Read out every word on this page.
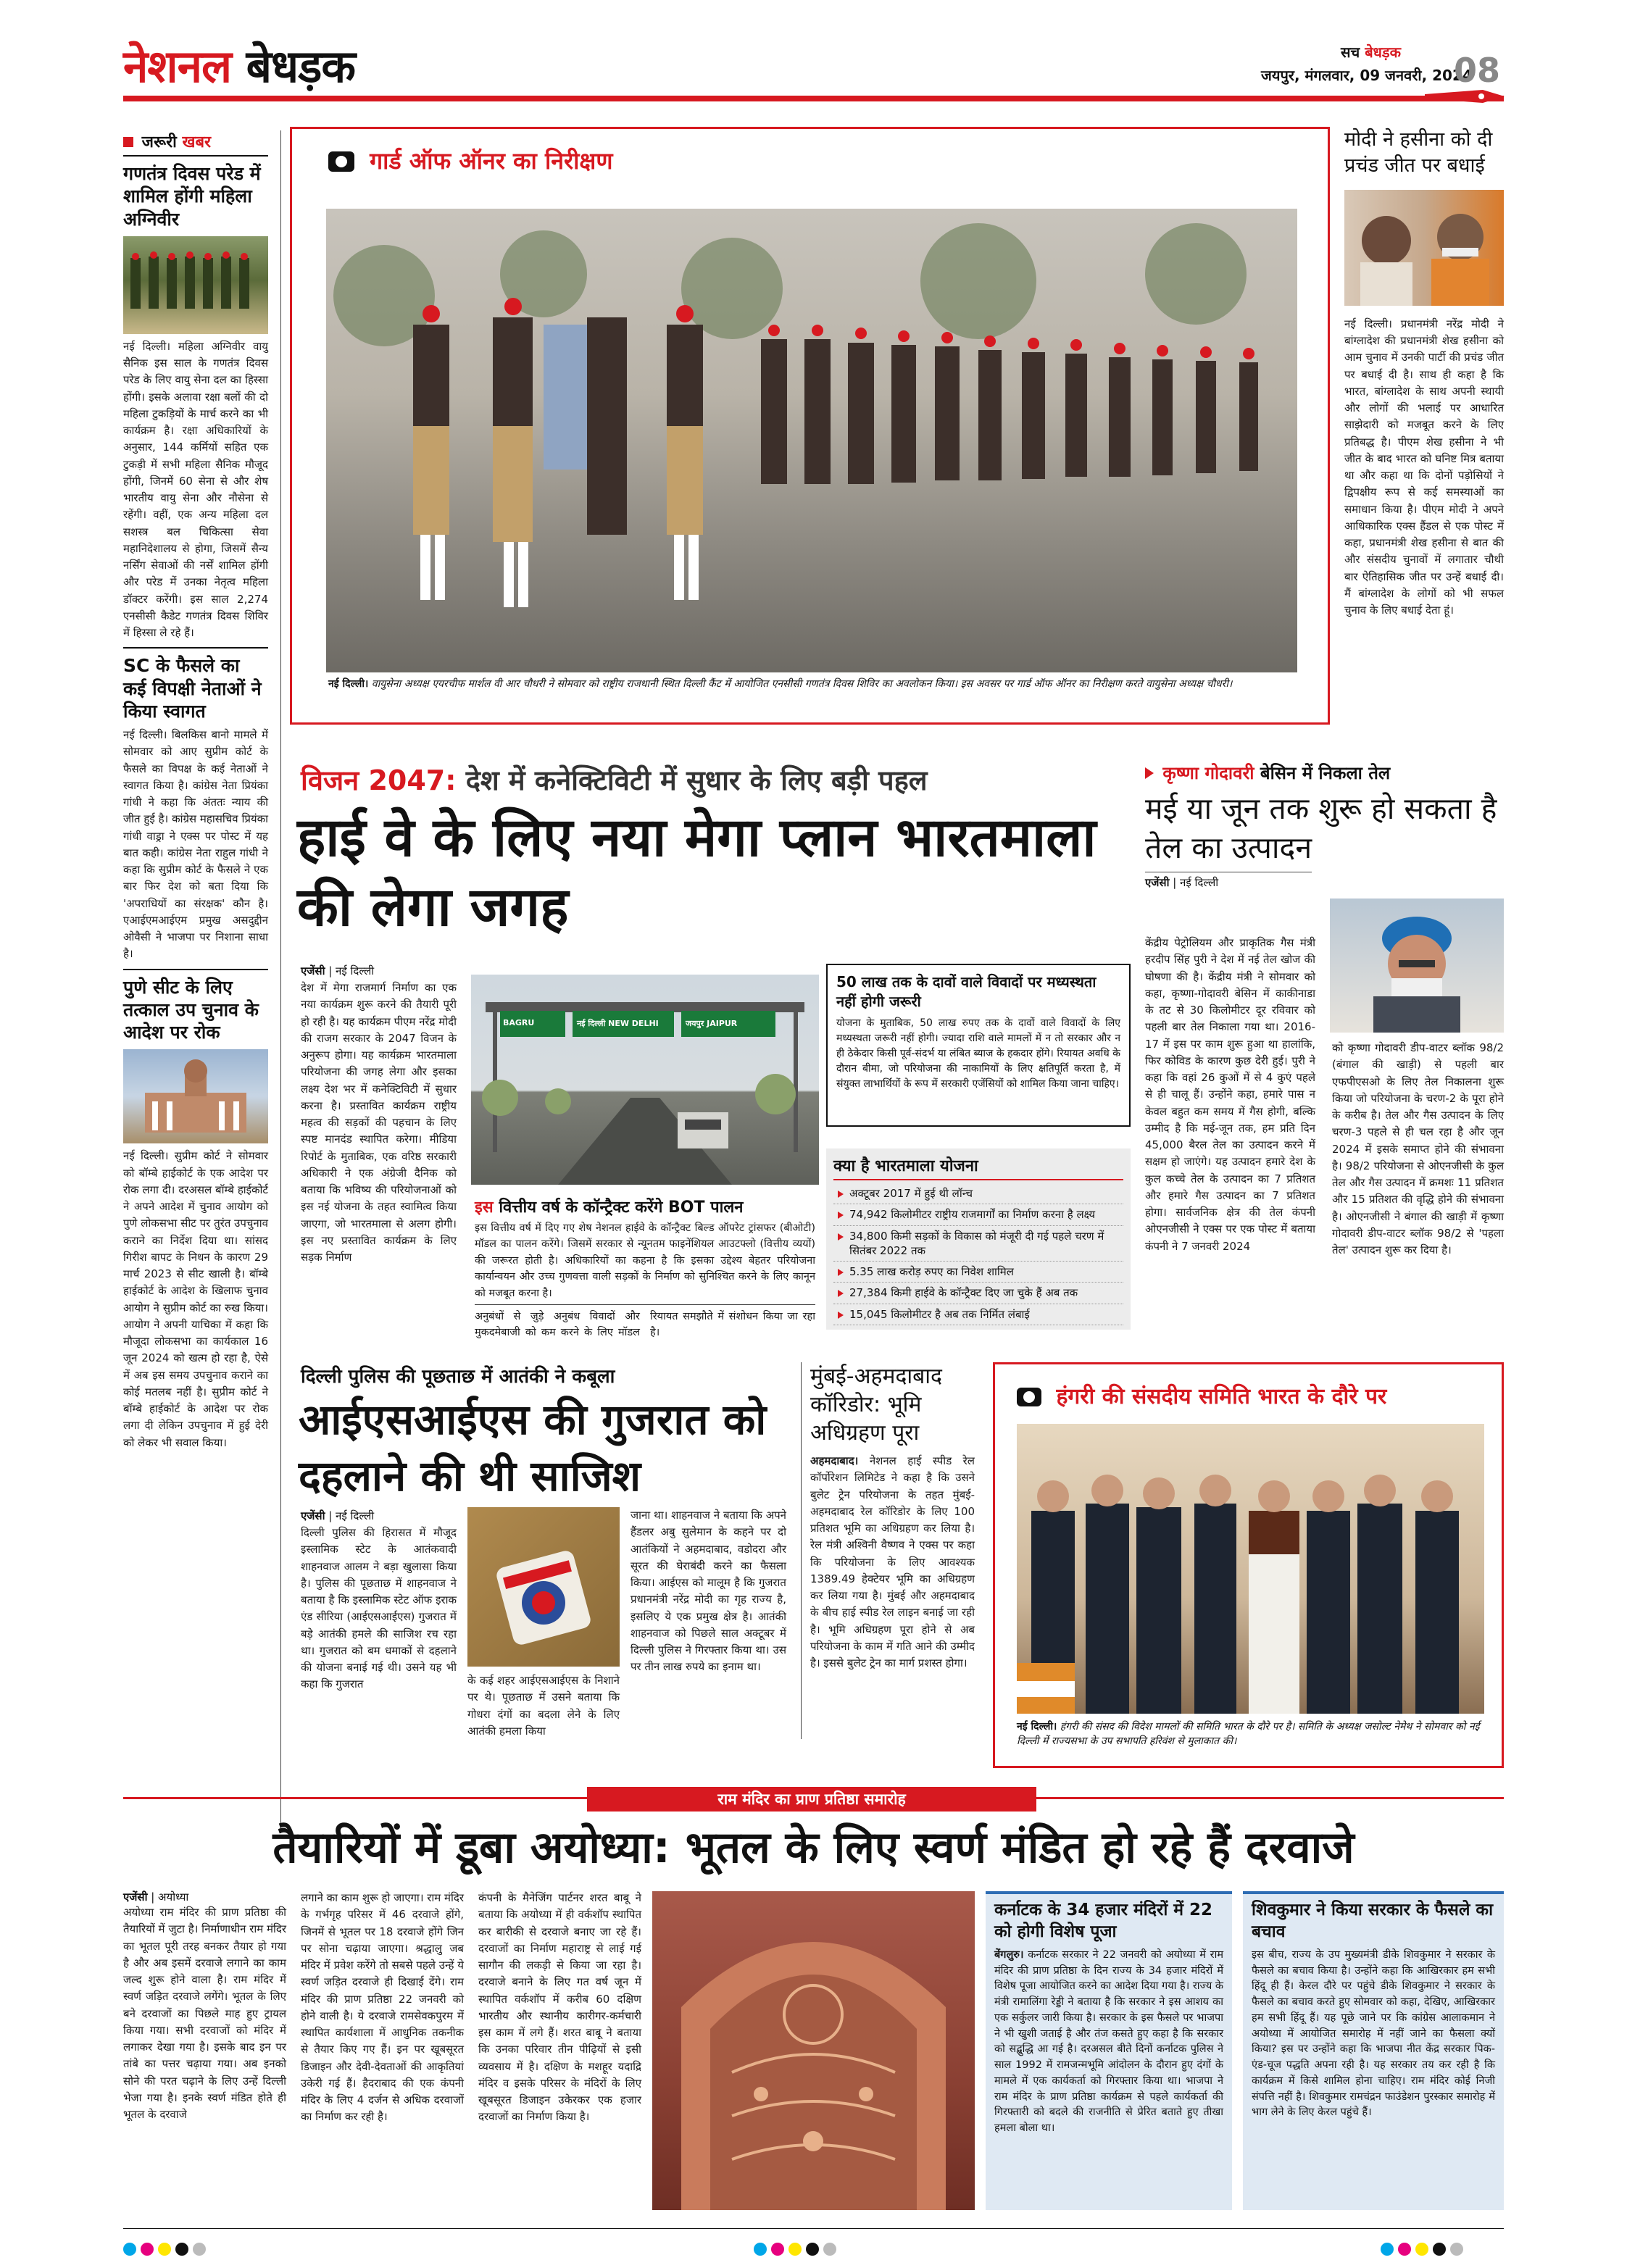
नेशनल बेधड़क	सच बेधड़क
जयपुर, मंगलवार, 09 जनवरी, 2024
08
जरूरी खबर
गणतंत्र दिवस परेड में शामिल होंगी महिला अग्निवीर
नई दिल्ली। महिला अग्निवीर वायु सैनिक इस साल के गणतंत्र दिवस परेड के लिए वायु सेना दल का हिस्सा होंगी। इसके अलावा रक्षा बलों की दो महिला टुकड़ियों के मार्च करने का भी कार्यक्रम है। रक्षा अधिकारियों के अनुसार, 144 कर्मियों सहित एक टुकड़ी में सभी महिला सैनिक मौजूद होंगी, जिनमें 60 सेना से और शेष भारतीय वायु सेना और नौसेना से रहेंगी। वहीं, एक अन्य महिला दल सशस्त्र बल चिकित्सा सेवा महानिदेशालय से होगा, जिसमें सैन्य नर्सिंग सेवाओं की नर्सें शामिल होंगी और परेड में उनका नेतृत्व महिला डॉक्टर करेंगी। इस साल 2,274 एनसीसी कैडेट गणतंत्र दिवस शिविर में हिस्सा ले रहे हैं।
SC के फैसले का कई विपक्षी नेताओं ने किया स्वागत
नई दिल्ली। बिलकिस बानो मामले में सोमवार को आए सुप्रीम कोर्ट के फैसले का विपक्ष के कई नेताओं ने स्वागत किया है। कांग्रेस नेता प्रियंका गांधी ने कहा कि अंततः न्याय की जीत हुई है। कांग्रेस महासचिव प्रियंका गांधी वाड्रा ने एक्स पर पोस्ट में यह बात कही। कांग्रेस नेता राहुल गांधी ने कहा कि सुप्रीम कोर्ट के फैसले ने एक बार फिर देश को बता दिया कि 'अपराधियों का संरक्षक' कौन है। एआईएमआईएम प्रमुख असदुद्दीन ओवैसी ने भाजपा पर निशाना साधा है।
पुणे सीट के लिए तत्काल उप चुनाव के आदेश पर रोक
नई दिल्ली। सुप्रीम कोर्ट ने सोमवार को बॉम्बे हाईकोर्ट के एक आदेश पर रोक लगा दी। दरअसल बॉम्बे हाईकोर्ट ने अपने आदेश में चुनाव आयोग को पुणे लोकसभा सीट पर तुरंत उपचुनाव कराने का निर्देश दिया था। सांसद गिरीश बापट के निधन के कारण 29 मार्च 2023 से सीट खाली है। बॉम्बे हाईकोर्ट के आदेश के खिलाफ चुनाव आयोग ने सुप्रीम कोर्ट का रुख किया। आयोग ने अपनी याचिका में कहा कि मौजूदा लोकसभा का कार्यकाल 16 जून 2024 को खत्म हो रहा है, ऐसे में अब इस समय उपचुनाव कराने का कोई मतलब नहीं है। सुप्रीम कोर्ट ने बॉम्बे हाईकोर्ट के आदेश पर रोक लगा दी लेकिन उपचुनाव में हुई देरी को लेकर भी सवाल किया।
गार्ड ऑफ ऑनर का निरीक्षण
नई दिल्ली। वायुसेना अध्यक्ष एयरचीफ मार्शल वी आर चौधरी ने सोमवार को राष्ट्रीय राजधानी स्थित दिल्ली कैंट में आयोजित एनसीसी गणतंत्र दिवस शिविर का अवलोकन किया। इस अवसर पर गार्ड ऑफ ऑनर का निरीक्षण करते वायुसेना अध्यक्ष चौधरी।
मोदी ने हसीना को दी प्रचंड जीत पर बधाई
नई दिल्ली। प्रधानमंत्री नरेंद्र मोदी ने बांग्लादेश की प्रधानमंत्री शेख हसीना को आम चुनाव में उनकी पार्टी की प्रचंड जीत पर बधाई दी है। साथ ही कहा है कि भारत, बांग्लादेश के साथ अपनी स्थायी और लोगों की भलाई पर आधारित साझेदारी को मजबूत करने के लिए प्रतिबद्ध है। पीएम शेख हसीना ने भी जीत के बाद भारत को घनिष्ट मित्र बताया था और कहा था कि दोनों पड़ोसियों ने द्विपक्षीय रूप से कई समस्याओं का समाधान किया है। पीएम मोदी ने अपने आधिकारिक एक्स हैंडल से एक पोस्ट में कहा, प्रधानमंत्री शेख हसीना से बात की और संसदीय चुनावों में लगातार चौथी बार ऐतिहासिक जीत पर उन्हें बधाई दी। मैं बांग्लादेश के लोगों को भी सफल चुनाव के लिए बधाई देता हूं।
विजन 2047: देश में कनेक्टिविटी में सुधार के लिए बड़ी पहल
हाई वे के लिए नया मेगा प्लान भारतमाला की लेगा जगह
एजेंसी | नई दिल्ली
देश में मेगा राजमार्ग निर्माण का एक नया कार्यक्रम शुरू करने की तैयारी पूरी हो रही है। यह कार्यक्रम पीएम नरेंद्र मोदी की राजग सरकार के 2047 विजन के अनुरूप होगा। यह कार्यक्रम भारतमाला परियोजना की जगह लेगा और इसका लक्ष्य देश भर में कनेक्टिविटी में सुधार करना है। प्रस्तावित कार्यक्रम राष्ट्रीय महत्व की सड़कों की पहचान के लिए स्पष्ट मानदंड स्थापित करेगा। मीडिया रिपोर्ट के मुताबिक, एक वरिष्ठ सरकारी अधिकारी ने एक अंग्रेजी दैनिक को बताया कि भविष्य की परियोजनाओं को इस नई योजना के तहत स्वामित्व किया जाएगा, जो भारतमाला से अलग होगी। इस नए प्रस्तावित कार्यक्रम के लिए सड़क निर्माण
BAGRU	नई दिल्ली NEW DELHI	जयपुर JAIPUR
इस वित्तीय वर्ष के कॉन्ट्रैक्ट करेंगे BOT पालन
इस वित्तीय वर्ष में दिए गए शेष नेशनल हाईवे के कॉन्ट्रैक्ट बिल्ड ऑपरेट ट्रांसफर (बीओटी) मॉडल का पालन करेंगे। जिसमें सरकार से न्यूनतम फाइनेंशियल आउटफ्लो (वित्तीय व्ययों) की जरूरत होती है। अधिकारियों का कहना है कि इसका उद्देश्य बेहतर परियोजना कार्यान्वयन और उच्च गुणवत्ता वाली सड़कों के निर्माण को सुनिश्चित करने के लिए कानून को मजबूत करना है।
अनुबंधों से जुड़े अनुबंध विवादों और मुकदमेबाजी को कम करने के लिए मॉडल रियायत समझौते में संशोधन किया जा रहा है।
50 लाख तक के दावों वाले विवादों पर मध्यस्थता नहीं होगी जरूरी
योजना के मुताबिक, 50 लाख रुपए तक के दावों वाले विवादों के लिए मध्यस्थता जरूरी नहीं होगी। ज्यादा राशि वाले मामलों में न तो सरकार और न ही ठेकेदार किसी पूर्व-संदर्भ या लंबित ब्याज के हकदार होंगे। रियायत अवधि के दौरान बीमा, जो परियोजना की नाकामियों के लिए क्षतिपूर्ति करता है, में संयुक्त लाभार्थियों के रूप में सरकारी एजेंसियों को शामिल किया जाना चाहिए।
क्या है भारतमाला योजना
अक्टूबर 2017 में हुई थी लॉन्च
74,942 किलोमीटर राष्ट्रीय राजमार्गों का निर्माण करना है लक्ष्य
34,800 किमी सड़कों के विकास को मंजूरी दी गई पहले चरण में सितंबर 2022 तक
5.35 लाख करोड़ रुपए का निवेश शामिल
27,384 किमी हाईवे के कॉन्ट्रैक्ट दिए जा चुके हैं अब तक
15,045 किलोमीटर है अब तक निर्मित लंबाई
कृष्णा गोदावरी बेसिन में निकला तेल
मई या जून तक शुरू हो सकता है तेल का उत्पादन
एजेंसी | नई दिल्ली
केंद्रीय पेट्रोलियम और प्राकृतिक गैस मंत्री हरदीप सिंह पुरी ने देश में नई तेल खोज की घोषणा की है। केंद्रीय मंत्री ने सोमवार को कहा, कृष्णा-गोदावरी बेसिन में काकीनाडा के तट से 30 किलोमीटर दूर रविवार को पहली बार तेल निकाला गया था। 2016-17 में इस पर काम शुरू हुआ था हालांकि, फिर कोविड के कारण कुछ देरी हुई। पुरी ने कहा कि वहां 26 कुओं में से 4 कुएं पहले से ही चालू हैं। उन्होंने कहा, हमारे पास न केवल बहुत कम समय में गैस होगी, बल्कि उम्मीद है कि मई-जून तक, हम प्रति दिन 45,000 बैरल तेल का उत्पादन करने में सक्षम हो जाएंगे। यह उत्पादन हमारे देश के कुल कच्चे तेल के उत्पादन का 7 प्रतिशत और हमारे गैस उत्पादन का 7 प्रतिशत होगा। सार्वजनिक क्षेत्र की तेल कंपनी ओएनजीसी ने एक्स पर एक पोस्ट में बताया कंपनी ने 7 जनवरी 2024
को कृष्णा गोदावरी डीप-वाटर ब्लॉक 98/2 (बंगाल की खाड़ी) से पहली बार एफपीएसओ के लिए तेल निकालना शुरू किया जो परियोजना के चरण-2 के पूरा होने के करीब है। तेल और गैस उत्पादन के लिए चरण-3 पहले से ही चल रहा है और जून 2024 में इसके समाप्त होने की संभावना है। 98/2 परियोजना से ओएनजीसी के कुल तेल और गैस उत्पादन में क्रमशः 11 प्रतिशत और 15 प्रतिशत की वृद्धि होने की संभावना है। ओएनजीसी ने बंगाल की खाड़ी में कृष्णा गोदावरी डीप-वाटर ब्लॉक 98/2 से 'पहला तेल' उत्पादन शुरू कर दिया है।
दिल्ली पुलिस की पूछताछ में आतंकी ने कबूला
आईएसआईएस की गुजरात को दहलाने की थी साजिश
एजेंसी | नई दिल्ली
दिल्ली पुलिस की हिरासत में मौजूद इस्लामिक स्टेट के आतंकवादी शाहनवाज आलम ने बड़ा खुलासा किया है। पुलिस की पूछताछ में शाहनवाज ने बताया है कि इस्लामिक स्टेट ऑफ इराक एंड सीरिया (आईएसआईएस) गुजरात में बड़े आतंकी हमले की साजिश रच रहा था। गुजरात को बम धमाकों से दहलाने की योजना बनाई गई थी। उसने यह भी कहा कि गुजरात	के कई शहर आईएसआईएस के निशाने पर थे। पूछताछ में उसने बताया कि गोधरा दंगों का बदला लेने के लिए आतंकी हमला किया
जाना था। शाहनवाज ने बताया कि अपने हैंडलर अबु सुलेमान के कहने पर दो आतंकियों ने अहमदाबाद, वडोदरा और सूरत की घेराबंदी करने का फैसला किया। आईएस को मालूम है कि गुजरात प्रधानमंत्री नरेंद्र मोदी का गृह राज्य है, इसलिए ये एक प्रमुख क्षेत्र है। आतंकी शाहनवाज को पिछले साल अक्टूबर में दिल्ली पुलिस ने गिरफ्तार किया था। उस पर तीन लाख रुपये का इनाम था।
मुंबई-अहमदाबाद कॉरिडोर: भूमि अधिग्रहण पूरा
अहमदाबाद। नेशनल हाई स्पीड रेल कॉर्पोरेशन लिमिटेड ने कहा है कि उसने बुलेट ट्रेन परियोजना के तहत मुंबई-अहमदाबाद रेल कॉरिडोर के लिए 100 प्रतिशत भूमि का अधिग्रहण कर लिया है। रेल मंत्री अश्विनी वैष्णव ने एक्स पर कहा कि परियोजना के लिए आवश्यक 1389.49 हेक्टेयर भूमि का अधिग्रहण कर लिया गया है। मुंबई और अहमदाबाद के बीच हाई स्पीड रेल लाइन बनाई जा रही है। भूमि अधिग्रहण पूरा होने से अब परियोजना के काम में गति आने की उम्मीद है। इससे बुलेट ट्रेन का मार्ग प्रशस्त होगा।
हंगरी की संसदीय समिति भारत के दौरे पर
नई दिल्ली। हंगरी की संसद की विदेश मामलों की समिति भारत के दौरे पर है। समिति के अध्यक्ष जसोल्ट नेमेथ ने सोमवार को नई दिल्ली में राज्यसभा के उप सभापति हरिवंश से मुलाकात की।
राम मंदिर का प्राण प्रतिष्ठा समारोह
तैयारियों में डूबा अयोध्या: भूतल के लिए स्वर्ण मंडित हो रहे हैं दरवाजे
एजेंसी | अयोध्या
अयोध्या राम मंदिर की प्राण प्रतिष्ठा की तैयारियों में जुटा है। निर्माणाधीन राम मंदिर का भूतल पूरी तरह बनकर तैयार हो गया है और अब इसमें दरवाजे लगाने का काम जल्द शुरू होने वाला है। राम मंदिर में स्वर्ण जड़ित दरवाजे लगेंगे। भूतल के लिए बने दरवाजों का पिछले माह हुए ट्रायल किया गया। सभी दरवाजों को मंदिर में लगाकर देखा गया है। इसके बाद इन पर तांबे का पत्तर चढ़ाया गया। अब इनको सोने की परत चढ़ाने के लिए उन्हें दिल्ली भेजा गया है। इनके स्वर्ण मंडित होते ही भूतल के दरवाजे
लगाने का काम शुरू हो जाएगा। राम मंदिर के गर्भगृह परिसर में 46 दरवाजे होंगे, जिनमें से भूतल पर 18 दरवाजे होंगे जिन पर सोना चढ़ाया जाएगा। श्रद्धालु जब मंदिर में प्रवेश करेंगे तो सबसे पहले उन्हें ये स्वर्ण जड़ित दरवाजे ही दिखाई देंगे। राम मंदिर की प्राण प्रतिष्ठा 22 जनवरी को होने वाली है। ये दरवाजे रामसेवकपुरम में स्थापित कार्यशाला में आधुनिक तकनीक से तैयार किए गए हैं। इन पर खूबसूरत डिजाइन और देवी-देवताओं की आकृतियां उकेरी गई हैं। हैदराबाद की एक कंपनी मंदिर के लिए 4 दर्जन से अधिक दरवाजों का निर्माण कर रही है।
कंपनी के मैनेजिंग पार्टनर शरत बाबू ने बताया कि अयोध्या में ही वर्कशॉप स्थापित कर बारीकी से दरवाजे बनाए जा रहे हैं। दरवाजों का निर्माण महाराष्ट्र से लाई गई सागौन की लकड़ी से किया जा रहा है। दरवाजे बनाने के लिए गत वर्ष जून में स्थापित वर्कशॉप में करीब 60 दक्षिण भारतीय और स्थानीय कारीगर-कर्मचारी इस काम में लगे हैं। शरत बाबू ने बताया कि उनका परिवार तीन पीढ़ियों से इसी व्यवसाय में है। दक्षिण के मशहूर यदाद्रि मंदिर व इसके परिसर के मंदिरों के लिए खूबसूरत डिजाइन उकेरकर एक हजार दरवाजों का निर्माण किया है।
कर्नाटक के 34 हजार मंदिरों में 22 को होगी विशेष पूजा
बेंगलुरु। कर्नाटक सरकार ने 22 जनवरी को अयोध्या में राम मंदिर की प्राण प्रतिष्ठा के दिन राज्य के 34 हजार मंदिरों में विशेष पूजा आयोजित करने का आदेश दिया गया है। राज्य के मंत्री रामालिंगा रेड्डी ने बताया है कि सरकार ने इस आशय का एक सर्कुलर जारी किया है। सरकार के इस फैसले पर भाजपा ने भी खुशी जताई है और तंज कसते हुए कहा है कि सरकार को सद्बुद्धि आ गई है। दरअसल बीते दिनों कर्नाटक पुलिस ने साल 1992 में रामजन्मभूमि आंदोलन के दौरान हुए दंगों के मामले में एक कार्यकर्ता को गिरफ्तार किया था। भाजपा ने राम मंदिर के प्राण प्रतिष्ठा कार्यक्रम से पहले कार्यकर्ता की गिरफ्तारी को बदले की राजनीति से प्रेरित बताते हुए तीखा हमला बोला था।
शिवकुमार ने किया सरकार के फैसले का बचाव
इस बीच, राज्य के उप मुख्यमंत्री डीके शिवकुमार ने सरकार के फैसले का बचाव किया है। उन्होंने कहा कि आखिरकार हम सभी हिंदू ही हैं। केरल दौरे पर पहुंचे डीके शिवकुमार ने सरकार के फैसले का बचाव करते हुए सोमवार को कहा, देखिए, आखिरकार हम सभी हिंदू हैं। यह पूछे जाने पर कि कांग्रेस आलाकमान ने अयोध्या में आयोजित समारोह में नहीं जाने का फैसला क्यों किया? इस पर उन्होंने कहा कि भाजपा नीत केंद्र सरकार पिक-एंड-चूज पद्धति अपना रही है। यह सरकार तय कर रही है कि कार्यक्रम में किसे शामिल होना चाहिए। राम मंदिर कोई निजी संपत्ति नहीं है। शिवकुमार रामचंद्रन फाउंडेशन पुरस्कार समारोह में भाग लेने के लिए केरल पहुंचे हैं।
